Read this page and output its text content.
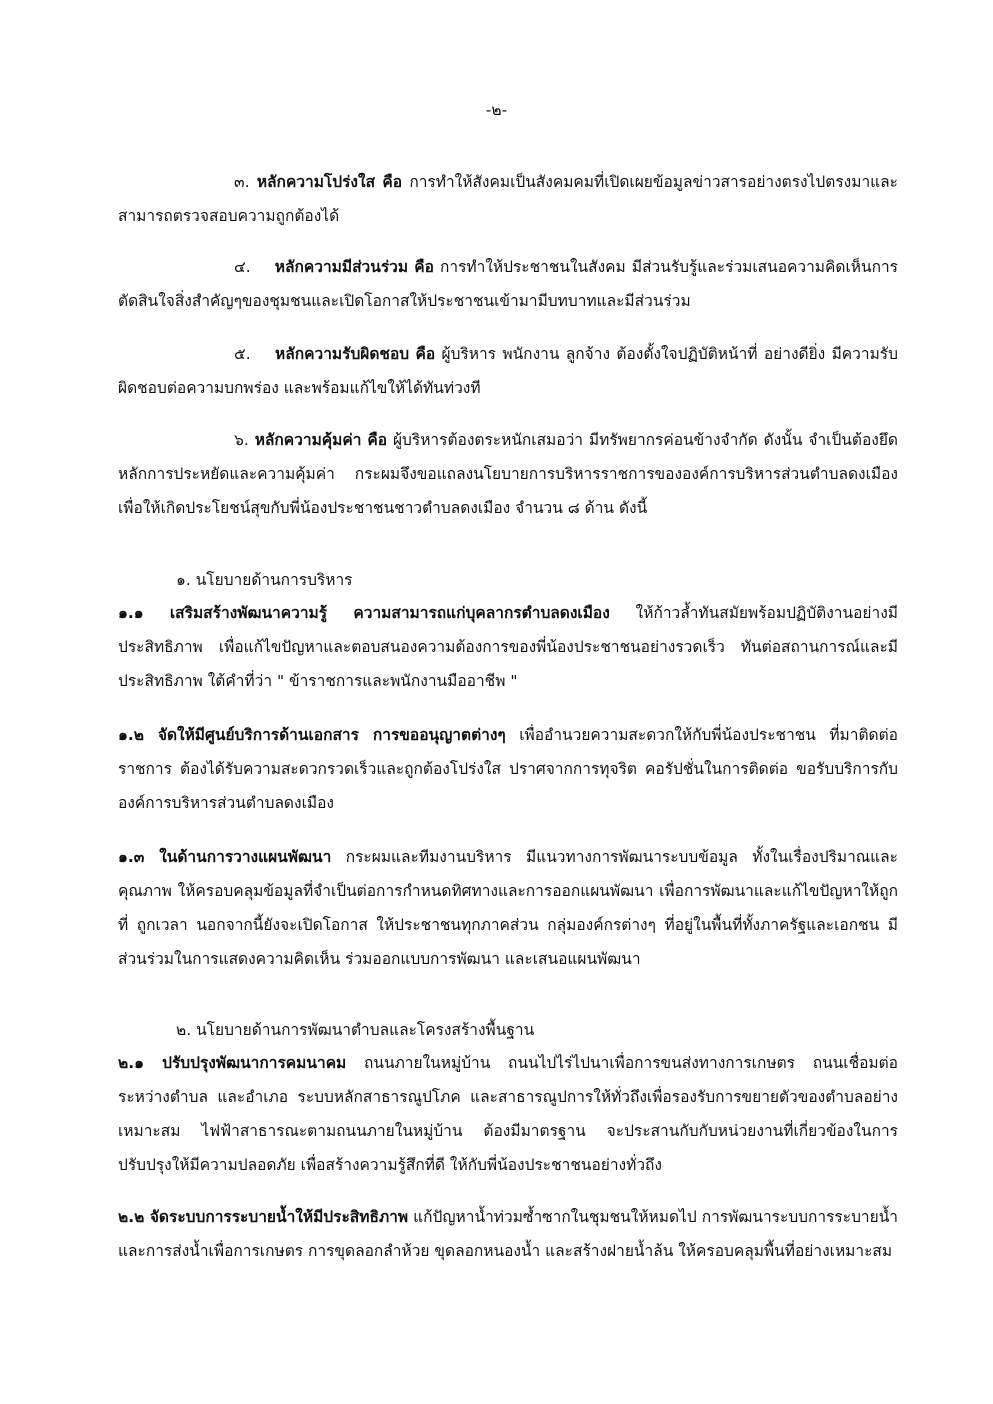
-๒-

๓. หลักความโปร่งใส คือ การทำให้สังคมเป็นสังคมคมที่เปิดเผยข้อมูลข่าวสารอย่างตรงไปตรงมาและสามารถตรวจสอบความถูกต้องได้

๔. หลักความมีส่วนร่วม คือ การทำให้ประชาชนในสังคม มีส่วนรับรู้และร่วมเสนอความคิดเห็นการตัดสินใจสิ่งสำคัญๆของชุมชนและเปิดโอกาสให้ประชาชนเข้ามามีบทบาทและมีส่วนร่วม

๕. หลักความรับผิดชอบ คือ ผู้บริหาร พนักงาน ลูกจ้าง ต้องตั้งใจปฏิบัติหน้าที่ อย่างดียิ่ง มีความรับผิดชอบต่อความบกพร่อง และพร้อมแก้ไขให้ได้ทันท่วงที

๖. หลักความคุ้มค่า คือ ผู้บริหารต้องตระหนักเสมอว่า มีทรัพยากรค่อนข้างจำกัด ดังนั้น จำเป็นต้องยึดหลักการประหยัดและความคุ้มค่า กระผมจึงขอแถลงนโยบายการบริหารราชการขององค์การบริหารส่วนตำบลดงเมือง เพื่อให้เกิดประโยชน์สุขกับพี่น้องประชาชนชาวตำบลดงเมือง จำนวน ๘ ด้าน ดังนี้

๑. นโยบายด้านการบริหาร

๑.๑ เสริมสร้างพัฒนาความรู้ ความสามารถแก่บุคลากรตำบลดงเมือง ให้ก้าวล้ำทันสมัยพร้อมปฏิบัติงานอย่างมีประสิทธิภาพ เพื่อแก้ไขปัญหาและตอบสนองความต้องการของพี่น้องประชาชนอย่างรวดเร็ว ทันต่อสถานการณ์และมีประสิทธิภาพ ใต้คำที่ว่า " ข้าราชการและพนักงานมืออาชีพ "

๑.๒ จัดให้มีศูนย์บริการด้านเอกสาร การขออนุญาตต่างๆ เพื่ออำนวยความสะดวกให้กับพี่น้องประชาชน ที่มาติดต่อราชการ ต้องได้รับความสะดวกรวดเร็วและถูกต้องโปร่งใส ปราศจากการทุจริต คอรัปชั่นในการติดต่อ ขอรับบริการกับองค์การบริหารส่วนตำบลดงเมือง

๑.๓ ในด้านการวางแผนพัฒนา กระผมและทีมงานบริหาร มีแนวทางการพัฒนาระบบข้อมูล ทั้งในเรื่องปริมาณและคุณภาพ ให้ครอบคลุมข้อมูลที่จำเป็นต่อการกำหนดทิศทางและการออกแผนพัฒนา เพื่อการพัฒนาและแก้ไขปัญหาให้ถูกที่ ถูกเวลา นอกจากนี้ยังจะเปิดโอกาส ให้ประชาชนทุกภาคส่วน กลุ่มองค์กรต่างๆ ที่อยู่ในพื้นที่ทั้งภาครัฐและเอกชน มีส่วนร่วมในการแสดงความคิดเห็น ร่วมออกแบบการพัฒนา และเสนอแผนพัฒนา

๒. นโยบายด้านการพัฒนาตำบลและโครงสร้างพื้นฐาน

๒.๑ ปรับปรุงพัฒนาการคมนาคม ถนนภายในหมู่บ้าน ถนนไปไร่ไปนาเพื่อการขนส่งทางการเกษตร ถนนเชื่อมต่อระหว่างตำบล และอำเภอ ระบบหลักสาธารณูปโภค และสาธารณูปการให้ทั่วถึงเพื่อรองรับการขยายตัวของตำบลอย่างเหมาะสม ไฟฟ้าสาธารณะตามถนนภายในหมู่บ้าน ต้องมีมาตรฐาน จะประสานกับกับหน่วยงานที่เกี่ยวข้องในการปรับปรุงให้มีความปลอดภัย เพื่อสร้างความรู้สึกที่ดี ให้กับพี่น้องประชาชนอย่างทั่วถึง

๒.๒ จัดระบบการระบายน้ำให้มีประสิทธิภาพ แก้ปัญหาน้ำท่วมซ้ำซากในชุมชนให้หมดไป การพัฒนาระบบการระบายน้ำ และการส่งน้ำเพื่อการเกษตร การขุดลอกลำห้วย ขุดลอกหนองน้ำ และสร้างฝายน้ำล้น ให้ครอบคลุมพื้นที่อย่างเหมาะสม
